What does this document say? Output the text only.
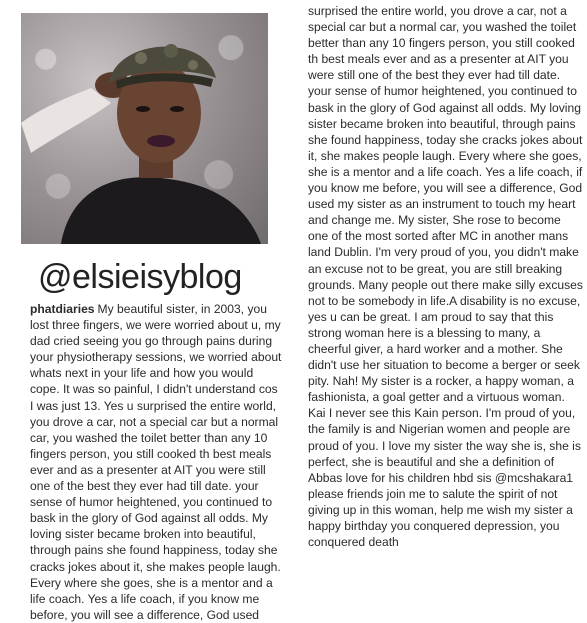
@elsieisyblog
phatdiaries My beautiful sister, in 2003, you lost three fingers, we were worried about u, my dad cried seeing you go through pains during your physiotherapy sessions, we worried about whats next in your life and how you would cope. It was so painful, I didn't understand cos I was just 13. Yes u surprised the entire world, you drove a car, not a special car but a normal car, you washed the toilet better than any 10 fingers person, you still cooked th best meals ever and as a presenter at AIT you were still one of the best they ever had till date. your sense of humor heightened, you continued to bask in the glory of God against all odds. My loving sister became broken into beautiful, through pains she found happiness, today she cracks jokes about it, she makes people laugh. Every where she goes, she is a mentor and a life coach. Yes a life coach, if you know me before, you will see a difference, God used
surprised the entire world, you drove a car, not a special car but a normal car, you washed the toilet better than any 10 fingers person, you still cooked th best meals ever and as a presenter at AIT you were still one of the best they ever had till date. your sense of humor heightened, you continued to bask in the glory of God against all odds. My loving sister became broken into beautiful, through pains she found happiness, today she cracks jokes about it, she makes people laugh. Every where she goes, she is a mentor and a life coach. Yes a life coach, if you know me before, you will see a difference, God used my sister as an instrument to touch my heart and change me. My sister, She rose to become one of the most sorted after MC in another mans land Dublin. I'm very proud of you, you didn't make an excuse not to be great, you are still breaking grounds. Many people out there make silly excuses not to be somebody in life.A disability is no excuse, yes u can be great. I am proud to say that this strong woman here is a blessing to many, a cheerful giver, a hard worker and a mother. She didn't use her situation to become a berger or seek pity. Nah! My sister is a rocker, a happy woman, a fashionista, a goal getter and a virtuous woman. Kai I never see this Kain person. I'm proud of you, the family is and Nigerian women and people are proud of you. I love my sister the way she is, she is perfect, she is beautiful and she a definition of Abbas love for his children hbd sis @mcshakara1 please friends join me to salute the spirit of not giving up in this woman, help me wish my sister a happy birthday you conquered depression, you conquered death
